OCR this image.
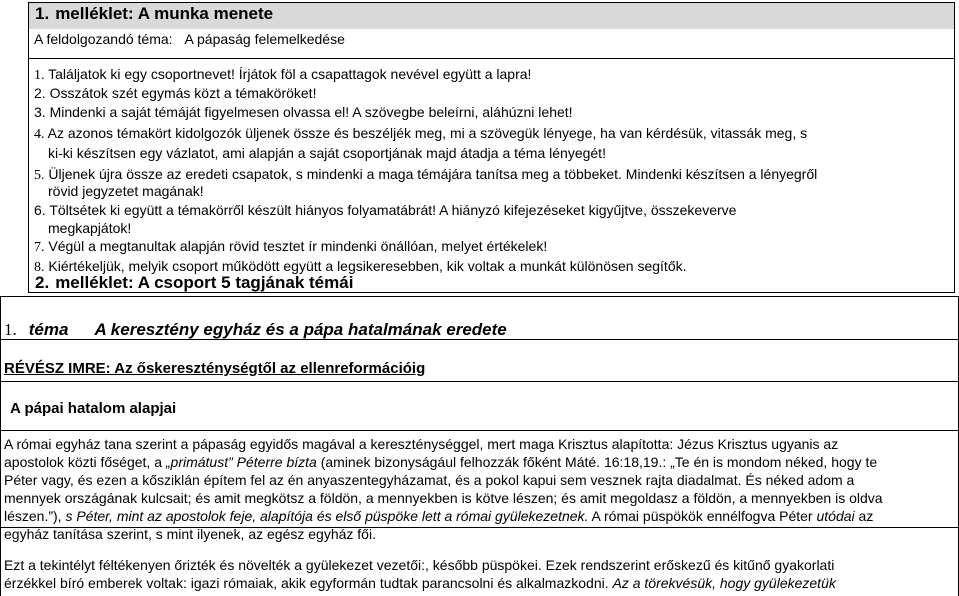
1. melléklet: A munka menete
A feldolgozandó téma: A pápaság felemelkedése
1. Találjatok ki egy csoportnevet! Írjátok föl a csapattagok nevével együtt a lapra!
2. Osszátok szét egymás közt a témaköröket!
3. Mindenki a saját témáját figyelmesen olvassa el! A szövegbe beleírni, aláhúzni lehet!
4. Az azonos témakört kidolgozók üljenek össze és beszéljék meg, mi a szövegük lényege, ha van kérdésük, vitassák meg, s
ki-ki készítsen egy vázlatot, ami alapján a saját csoportjának majd átadja a téma lényegét!
5. Üljenek újra össze az eredeti csapatok, s mindenki a maga témájára tanítsa meg a többeket. Mindenki készítsen a lényegről
rövid jegyzetet magának!
6. Töltsétek ki együtt a témakörről készült hiányos folyamatábrát! A hiányzó kifejezéseket kigyűjtve, összekeverve
megkapjátok!
7. Végül a megtanultak alapján rövid tesztet ír mindenki önállóan, melyet értékelek!
8. Kiértékeljük, melyik csoport működött együtt a legsikeresebben, kik voltak a munkát különösen segítők.
2. melléklet: A csoport 5 tagjának témái
1. téma A keresztény egyház és a pápa hatalmának eredete
RÉVÉSZ IMRE: Az őskereszténységtől az ellenreformációig
A pápai hatalom alapjai
A római egyház tana szerint a pápaság egyidős magával a kereszténységgel, mert maga Krisztus alapította: Jézus Krisztus ugyanis az
apostolok közti főséget, a „primátust” Péterre bízta (aminek bizonyságául felhozzák főként Máté. 16:18,19.: „Te én is mondom néked, hogy te
Péter vagy, és ezen a kősziklán építem fel az én anyaszentegyházamat, és a pokol kapui sem vesznek rajta diadalmat. És néked adom a
mennyek országának kulcsait; és amit megkötsz a földön, a mennyekben is kötve lészen; és amit megoldasz a földön, a mennyekben is oldva
lészen.”), s Péter, mint az apostolok feje, alapítója és első püspöke lett a római gyülekezetnek. A római püspökök ennélfogva Péter utódai az
egyház tanítása szerint, s mint ilyenek, az egész egyház fői.
Ezt a tekintélyt féltékenyen őrizték és növelték a gyülekezet vezetői:, később püspökei. Ezek rendszerint erőskezű és kitűnő gyakorlati
érzékkel bíró emberek voltak: igazi rómaiak, akik egyformán tudtak parancsolni és alkalmazkodni. Az a törekvésük, hogy gyülekezetük
